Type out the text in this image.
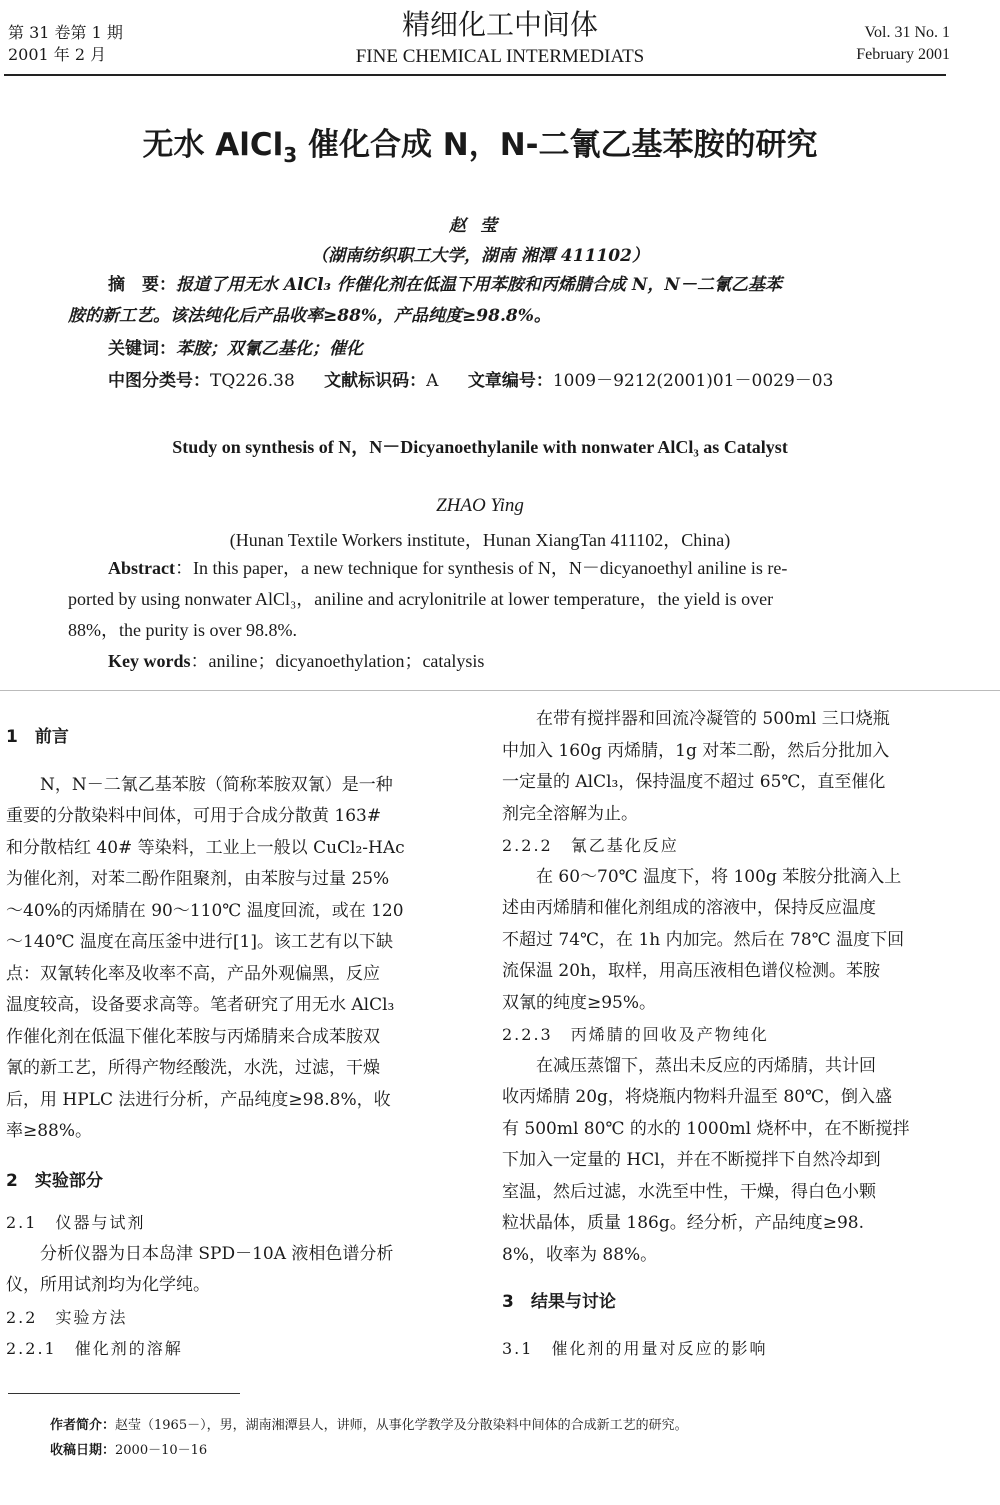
第 31 卷第 1 期
2001 年 2 月
精细化工中间体
FINE CHEMICAL INTERMEDIATS
Vol. 31 No. 1
February 2001
无水 AlCl$_3$ 催化合成 N，N-二氰乙基苯胺的研究
赵莹
（湖南纺织职工大学，湖南 湘潭 411102）
摘　要：报道了用无水 AlCl₃ 作催化剂在低温下用苯胺和丙烯腈合成 N，N－二氰乙基苯
胺的新工艺。该法纯化后产品收率≥88%，产品纯度≥98.8%。
关键词：苯胺；双氰乙基化；催化
中图分类号：TQ226.38 文献标识码：A 文章编号：1009－9212(2001)01－0029－03
Study on synthesis of N，N－Dicyanoethylanile with nonwater AlCl₃ as Catalyst
ZHAO Ying
(Hunan Textile Workers institute，Hunan XiangTan 411102，China)
Abstract：In this paper，a new technique for synthesis of N，N－dicyanoethyl aniline is re-
ported by using nonwater AlCl₃，aniline and acrylonitrile at lower temperature，the yield is over
88%，the purity is over 98.8%.
Key words：aniline；dicyanoethylation；catalysis

1　前言

N，N－二氰乙基苯胺（简称苯胺双氰）是一种

重要的分散染料中间体，可用于合成分散黄 163#

和分散桔红 40# 等染料，工业上一般以 CuCl₂-HAc

为催化剂，对苯二酚作阻聚剂，由苯胺与过量 25%

～40%的丙烯腈在 90～110℃ 温度回流，或在 120

～140℃ 温度在高压釜中进行[1]。该工艺有以下缺

点：双氰转化率及收率不高，产品外观偏黑，反应

温度较高，设备要求高等。笔者研究了用无水 AlCl₃

作催化剂在低温下催化苯胺与丙烯腈来合成苯胺双

氰的新工艺，所得产物经酸洗，水洗，过滤，干燥

后，用 HPLC 法进行分析，产品纯度≥98.8%，收

率≥88%。

2　实验部分

2.1　仪器与试剂

分析仪器为日本岛津 SPD－10A 液相色谱分析

仪，所用试剂均为化学纯。

2.2　实验方法

2.2.1　催化剂的溶解

在带有搅拌器和回流冷凝管的 500ml 三口烧瓶

中加入 160g 丙烯腈，1g 对苯二酚，然后分批加入

一定量的 AlCl₃，保持温度不超过 65℃，直至催化

剂完全溶解为止。

2.2.2　氰乙基化反应

在 60～70℃ 温度下，将 100g 苯胺分批滴入上

述由丙烯腈和催化剂组成的溶液中，保持反应温度

不超过 74℃，在 1h 内加完。然后在 78℃ 温度下回

流保温 20h，取样，用高压液相色谱仪检测。苯胺

双氰的纯度≥95%。

2.2.3　丙烯腈的回收及产物纯化

在减压蒸馏下，蒸出未反应的丙烯腈，共计回

收丙烯腈 20g，将烧瓶内物料升温至 80℃，倒入盛

有 500ml 80℃ 的水的 1000ml 烧杯中，在不断搅拌

下加入一定量的 HCl，并在不断搅拌下自然冷却到

室温，然后过滤，水洗至中性，干燥，得白色小颗

粒状晶体，质量 186g。经分析，产品纯度≥98.

8%，收率为 88%。

3　结果与讨论

3.1　催化剂的用量对反应的影响

作者简介：赵莹（1965－），男，湖南湘潭县人，讲师，从事化学教学及分散染料中间体的合成新工艺的研究。
收稿日期：2000－10－16
